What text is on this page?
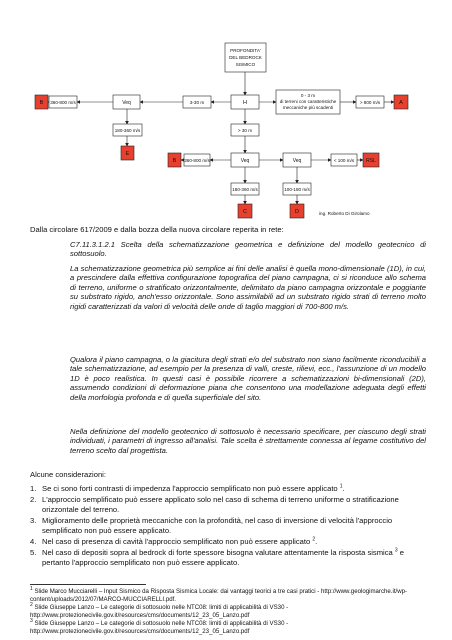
PROFONDITA'
DEL BEDROCK
SISMICO
B 360-800 m/s	Veq	3-30 m	H
0 - 3 m
di terreni con caratteristiche
meccaniche più scadenti
> 800 m/s	A
180-360 m/s	> 30 m
E
B 360-800 m/s	Veq	Veq	< 100 m/s RSL
180-360 m/s	100-180 m/s
C	D	ing. Roberto Di Girolamo
Dalla circolare 617/2009 e dalla bozza della nuova circolare reperita in rete:

C7.11.3.1.2.1 Scelta della schematizzazione geometrica e definizione del modello geotecnico di sottosuolo.

La schematizzazione geometrica più semplice ai fini delle analisi è quella mono-dimensionale (1D), in cui, a prescindere dalla effettiva configurazione topografica del piano campagna, ci si riconduce allo schema di terreno, uniforme o stratificato orizzontalmente, delimitato da piano campagna orizzontale e poggiante su substrato rigido, anch'esso orizzontale. Sono assimilabili ad un substrato rigido strati di terreno molto rigidi caratterizzati da valori di velocità delle onde di taglio maggiori di 700-800 m/s.

Qualora il piano campagna, o la giacitura degli strati e/o del substrato non siano facilmente riconducibili a tale schematizzazione, ad esempio per la presenza di valli, creste, rilievi, ecc., l'assunzione di un modello 1D è poco realistica. In questi casi è possibile ricorrere a schematizzazioni bi-dimensionali (2D), assumendo condizioni di deformazione piana che consentono una modellazione adeguata degli effetti della morfologia profonda e di quella superficiale del sito.

Nella definizione del modello geotecnico di sottosuolo è necessario specificare, per ciascuno degli strati individuati, i parametri di ingresso all'analisi. Tale scelta è strettamente connessa al legame costitutivo del terreno scelto dal progettista.

Alcune considerazioni:
1. Se ci sono forti contrasti di impedenza l'approccio semplificato non può essere applicato $^1$.
2. L'approccio semplificato può essere applicato solo nel caso di schema di terreno uniforme o stratificazione orizzontale del terreno.
3. Miglioramento delle proprietà meccaniche con la profondità, nel caso di inversione di velocità l'approccio semplificato non può essere applicato.
4. Nel caso di presenza di cavità l'approccio semplificato non può essere applicato $^2$.
5. Nel caso di depositi sopra al bedrock di forte spessore bisogna valutare attentamente la risposta sismica $^3$ e pertanto l'approccio semplificato non può essere applicato.

$^1$ Slide Marco Mucciarelli – Input Sismico da Risposta Sismica Locale: dai vantaggi teorici a tre casi pratici - http://www.geologimarche.it/wp-content/uploads/2012/07/MARCO-MUCCIARELLI.pdf.

$^2$ Slide Giuseppe Lanzo – Le categorie di sottosuolo nelle NTC08: limiti di applicabilità di VS30 - http://www.protezionecivile.gov.it/resources/cms/documents/12_23_05_Lanzo.pdf

$^3$ Slide Giuseppe Lanzo – Le categorie di sottosuolo nelle NTC08: limiti di applicabilità di VS30 - http://www.protezionecivile.gov.it/resources/cms/documents/12_23_05_Lanzo.pdf
